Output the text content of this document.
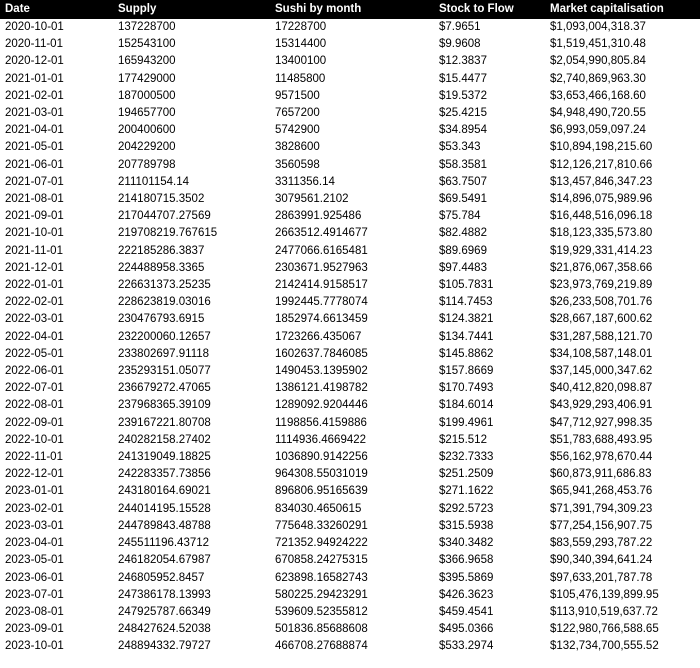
Date	Supply	Sushi by month	Stock to Flow	Market capitalisation
2020-10-01	137228700	17228700	$7.9651	$1,093,004,318.37
2020-11-01	152543100	15314400	$9.9608	$1,519,451,310.48
2020-12-01	165943200	13400100	$12.3837	$2,054,990,805.84
2021-01-01	177429000	11485800	$15.4477	$2,740,869,963.30
2021-02-01	187000500	9571500	$19.5372	$3,653,466,168.60
2021-03-01	194657700	7657200	$25.4215	$4,948,490,720.55
2021-04-01	200400600	5742900	$34.8954	$6,993,059,097.24
2021-05-01	204229200	3828600	$53.343	$10,894,198,215.60
2021-06-01	207789798	3560598	$58.3581	$12,126,217,810.66
2021-07-01	211101154.14	3311356.14	$63.7507	$13,457,846,347.23
2021-08-01	214180715.3502	3079561.2102	$69.5491	$14,896,075,989.96
2021-09-01	217044707.27569	2863991.925486	$75.784	$16,448,516,096.18
2021-10-01	219708219.767615	2663512.4914677	$82.4882	$18,123,335,573.80
2021-11-01	222185286.3837	2477066.6165481	$89.6969	$19,929,331,414.23
2021-12-01	224488958.3365	2303671.9527963	$97.4483	$21,876,067,358.66
2022-01-01	226631373.25235	2142414.9158517	$105.7831	$23,973,769,219.89
2022-02-01	228623819.03016	1992445.7778074	$114.7453	$26,233,508,701.76
2022-03-01	230476793.6915	1852974.6613459	$124.3821	$28,667,187,600.62
2022-04-01	232200060.12657	1723266.435067	$134.7441	$31,287,588,121.70
2022-05-01	233802697.91118	1602637.7846085	$145.8862	$34,108,587,148.01
2022-06-01	235293151.05077	1490453.1395902	$157.8669	$37,145,000,347.62
2022-07-01	236679272.47065	1386121.4198782	$170.7493	$40,412,820,098.87
2022-08-01	237968365.39109	1289092.9204446	$184.6014	$43,929,293,406.91
2022-09-01	239167221.80708	1198856.4159886	$199.4961	$47,712,927,998.35
2022-10-01	240282158.27402	1114936.4669422	$215.512	$51,783,688,493.95
2022-11-01	241319049.18825	1036890.9142256	$232.7333	$56,162,978,670.44
2022-12-01	242283357.73856	964308.55031019	$251.2509	$60,873,911,686.83
2023-01-01	243180164.69021	896806.95165639	$271.1622	$65,941,268,453.76
2023-02-01	244014195.15528	834030.4650615	$292.5723	$71,391,794,309.23
2023-03-01	244789843.48788	775648.33260291	$315.5938	$77,254,156,907.75
2023-04-01	245511196.43712	721352.94924222	$340.3482	$83,559,293,787.22
2023-05-01	246182054.67987	670858.24275315	$366.9658	$90,340,394,641.24
2023-06-01	246805952.8457	623898.16582743	$395.5869	$97,633,201,787.78
2023-07-01	247386178.13993	580225.29423291	$426.3623	$105,476,139,899.95
2023-08-01	247925787.66349	539609.52355812	$459.4541	$113,910,519,637.72
2023-09-01	248427624.52038	501836.85688608	$495.0366	$122,980,766,588.65
2023-10-01	248894332.79727	466708.27688874	$533.2974	$132,734,700,555.52
